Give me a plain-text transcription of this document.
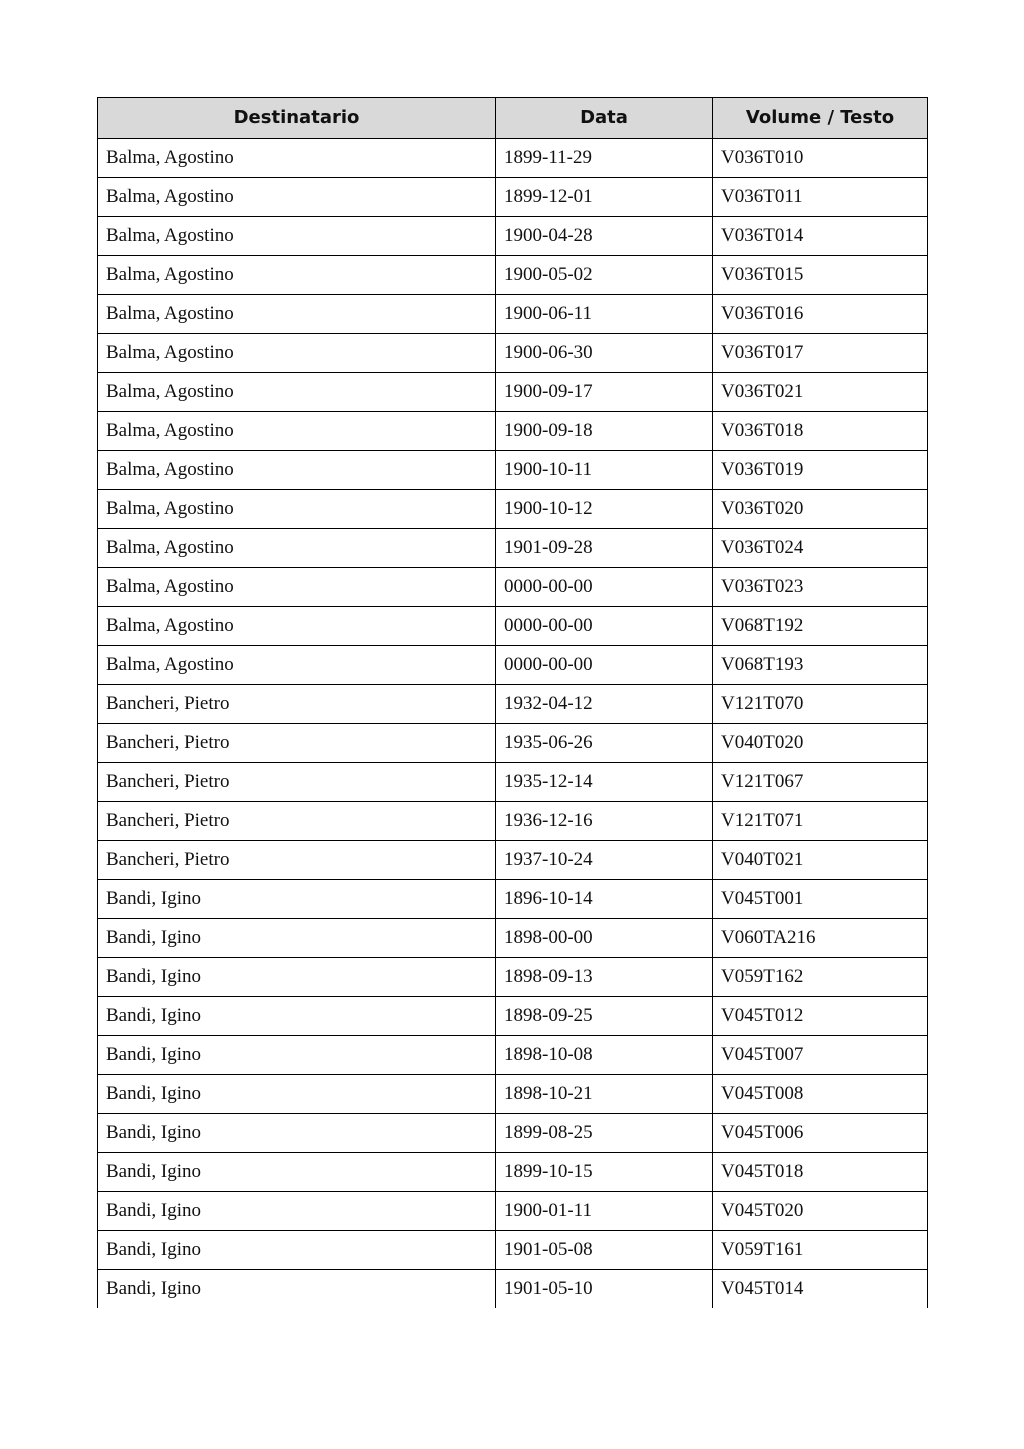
Destinatario	Data	Volume / Testo
Balma, Agostino	1899-11-29	V036T010
Balma, Agostino	1899-12-01	V036T011
Balma, Agostino	1900-04-28	V036T014
Balma, Agostino	1900-05-02	V036T015
Balma, Agostino	1900-06-11	V036T016
Balma, Agostino	1900-06-30	V036T017
Balma, Agostino	1900-09-17	V036T021
Balma, Agostino	1900-09-18	V036T018
Balma, Agostino	1900-10-11	V036T019
Balma, Agostino	1900-10-12	V036T020
Balma, Agostino	1901-09-28	V036T024
Balma, Agostino	0000-00-00	V036T023
Balma, Agostino	0000-00-00	V068T192
Balma, Agostino	0000-00-00	V068T193
Bancheri, Pietro	1932-04-12	V121T070
Bancheri, Pietro	1935-06-26	V040T020
Bancheri, Pietro	1935-12-14	V121T067
Bancheri, Pietro	1936-12-16	V121T071
Bancheri, Pietro	1937-10-24	V040T021
Bandi, Igino	1896-10-14	V045T001
Bandi, Igino	1898-00-00	V060TA216
Bandi, Igino	1898-09-13	V059T162
Bandi, Igino	1898-09-25	V045T012
Bandi, Igino	1898-10-08	V045T007
Bandi, Igino	1898-10-21	V045T008
Bandi, Igino	1899-08-25	V045T006
Bandi, Igino	1899-10-15	V045T018
Bandi, Igino	1900-01-11	V045T020
Bandi, Igino	1901-05-08	V059T161
Bandi, Igino	1901-05-10	V045T014
